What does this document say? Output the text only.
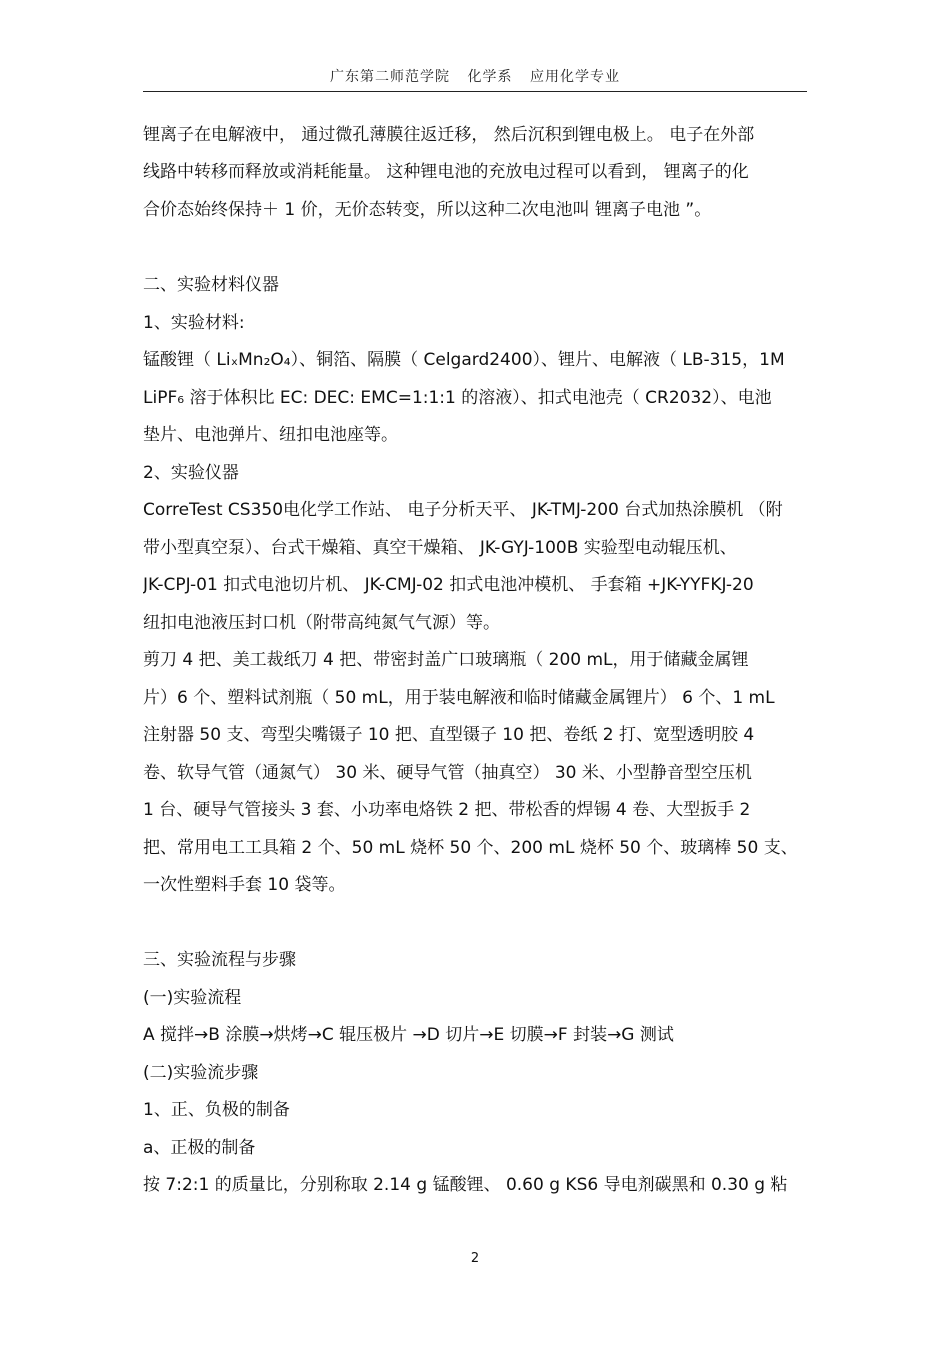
广东第二师范学院 化学系 应用化学专业
锂离子在电解液中， 通过微孔薄膜往返迁移， 然后沉积到锂电极上。 电子在外部
线路中转移而释放或消耗能量。 这种锂电池的充放电过程可以看到， 锂离子的化
合价态始终保持＋ 1 价，无价态转变，所以这种二次电池叫 锂离子电池 ”。
二、实验材料仪器
1、实验材料:
锰酸锂（ LiₓMn₂O₄）、铜箔、隔膜（ Celgard2400）、锂片、电解液（ LB-315，1M
LiPF₆ 溶于体积比 EC: DEC: EMC=1:1:1 的溶液）、扣式电池壳（ CR2032）、电池
垫片、电池弹片、纽扣电池座等。
2、实验仪器
CorreTest CS350电化学工作站、 电子分析天平、 JK-TMJ-200 台式加热涂膜机 （附
带小型真空泵）、台式干燥箱、真空干燥箱、 JK-GYJ-100B 实验型电动辊压机、
JK-CPJ-01 扣式电池切片机、 JK-CMJ-02 扣式电池冲模机、 手套箱 +JK-YYFKJ-20
纽扣电池液压封口机（附带高纯氮气气源）等。
剪刀 4 把、美工裁纸刀 4 把、带密封盖广口玻璃瓶（ 200 mL，用于储藏金属锂
片）6 个、塑料试剂瓶（ 50 mL，用于装电解液和临时储藏金属锂片） 6 个、1 mL
注射器 50 支、弯型尖嘴镊子 10 把、直型镊子 10 把、卷纸 2 打、宽型透明胶 4
卷、软导气管（通氮气） 30 米、硬导气管（抽真空） 30 米、小型静音型空压机
1 台、硬导气管接头 3 套、小功率电烙铁 2 把、带松香的焊锡 4 卷、大型扳手 2
把、常用电工工具箱 2 个、50 mL 烧杯 50 个、200 mL 烧杯 50 个、玻璃棒 50 支、
一次性塑料手套 10 袋等。
三、实验流程与步骤
(一)实验流程
A 搅拌→B 涂膜→烘烤→C 辊压极片 →D 切片→E 切膜→F 封装→G 测试
(二)实验流步骤
1、正、负极的制备
a、正极的制备
按 7:2:1 的质量比，分别称取 2.14 g 锰酸锂、 0.60 g KS6 导电剂碳黑和 0.30 g 粘
2
